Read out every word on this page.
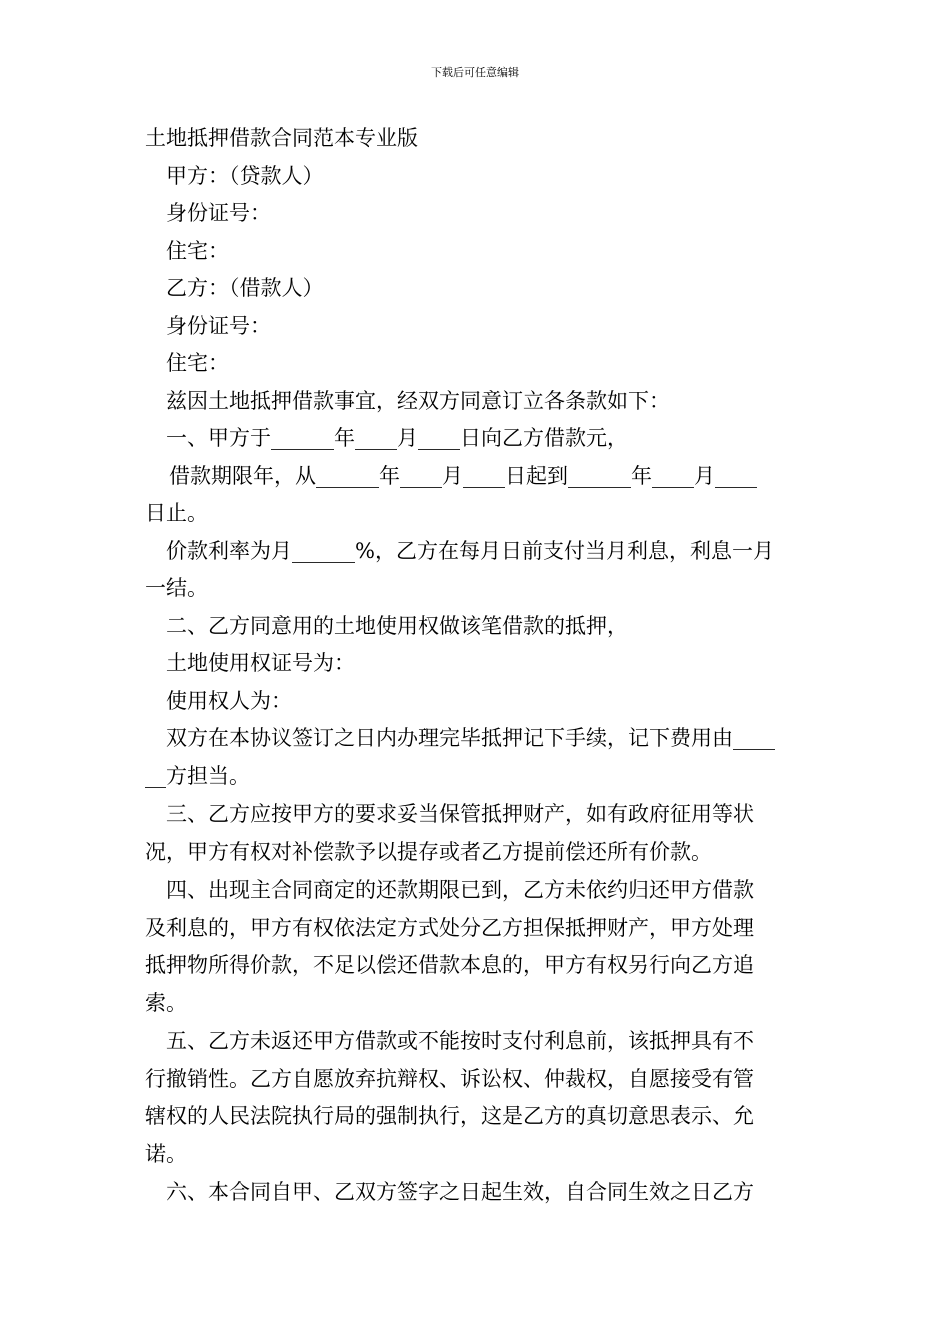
下载后可任意编辑
土地抵押借款合同范本专业版
甲方：（贷款人）
身份证号：
住宅：
乙方：（借款人）
身份证号：
住宅：
兹因土地抵押借款事宜，经双方同意订立各条款如下：
一、甲方于______年____月____日向乙方借款元，
借款期限年，从______年____月____日起到______年____月____
日止。
价款利率为月______%，乙方在每月日前支付当月利息，利息一月
一结。
二、乙方同意用的土地使用权做该笔借款的抵押，
土地使用权证号为：
使用权人为：
双方在本协议签订之日内办理完毕抵押记下手续，记下费用由____
__方担当。
三、乙方应按甲方的要求妥当保管抵押财产，如有政府征用等状
况，甲方有权对补偿款予以提存或者乙方提前偿还所有价款。
四、出现主合同商定的还款期限已到，乙方未依约归还甲方借款
及利息的，甲方有权依法定方式处分乙方担保抵押财产，甲方处理
抵押物所得价款，不足以偿还借款本息的，甲方有权另行向乙方追
索。
五、乙方未返还甲方借款或不能按时支付利息前，该抵押具有不
行撤销性。乙方自愿放弃抗辩权、诉讼权、仲裁权，自愿接受有管
辖权的人民法院执行局的强制执行，这是乙方的真切意思表示、允
诺。
六、本合同自甲、乙双方签字之日起生效，自合同生效之日乙方
